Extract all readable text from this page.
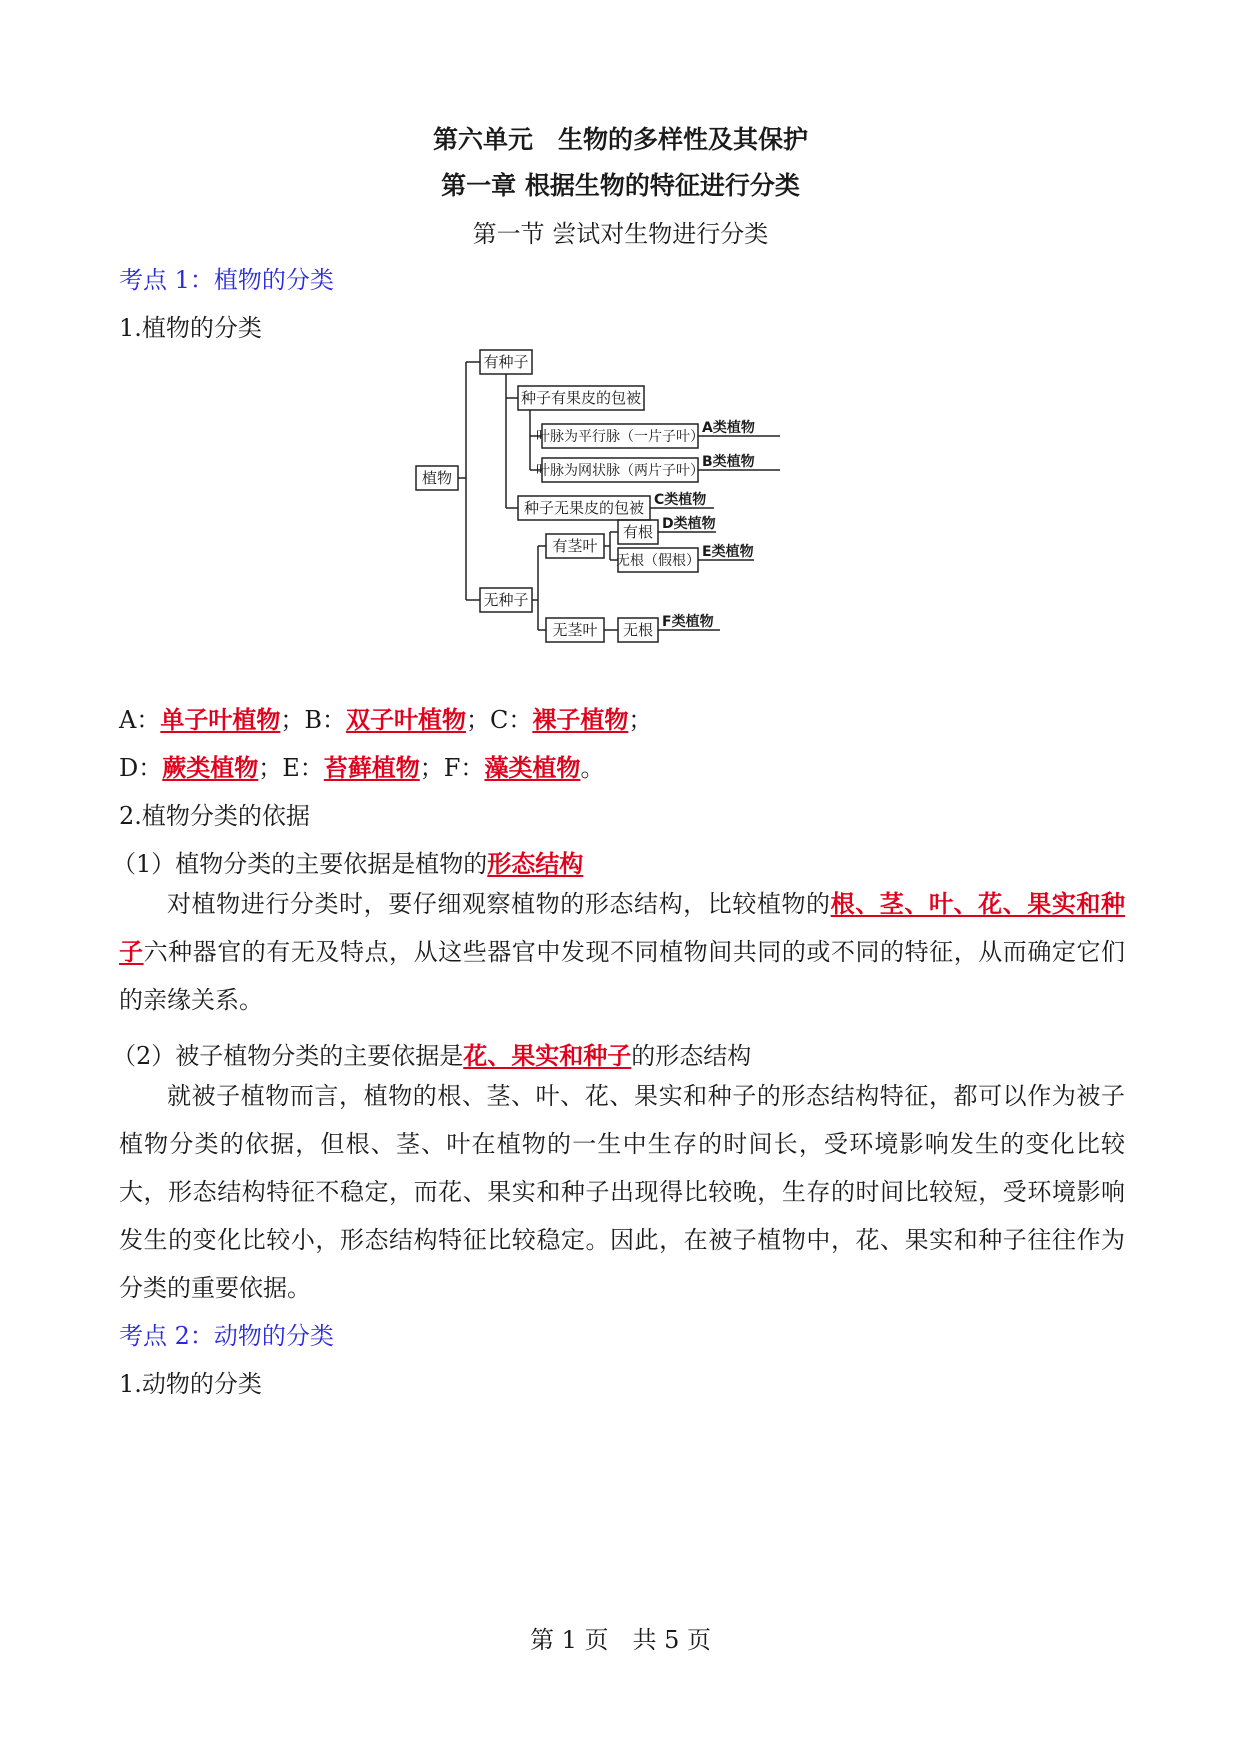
第六单元　生物的多样性及其保护
第一章 根据生物的特征进行分类
第一节 尝试对生物进行分类
考点 1：植物的分类
1.植物的分类
植物
有种子
种子有果皮的包被
种子无果皮的包被
叶脉为平行脉（一片子叶）
叶脉为网状脉（两片子叶）
A类植物
B类植物
C类植物
无种子
有茎叶
无茎叶
有根
无根（假根）
无根
D类植物
E类植物
F类植物
A：单子叶植物；B：双子叶植物；C：裸子植物；
D：蕨类植物；E：苔藓植物；F：藻类植物。
2.植物分类的依据
（1）植物分类的主要依据是植物的形态结构
对植物进行分类时，要仔细观察植物的形态结构，比较植物的根、茎、叶、花、果实和种子六种器官的有无及特点，从这些器官中发现不同植物间共同的或不同的特征，从而确定它们的亲缘关系。
（2）被子植物分类的主要依据是花、果实和种子的形态结构
就被子植物而言，植物的根、茎、叶、花、果实和种子的形态结构特征，都可以作为被子植物分类的依据，但根、茎、叶在植物的一生中生存的时间长，受环境影响发生的变化比较大，形态结构特征不稳定，而花、果实和种子出现得比较晚，生存的时间比较短，受环境影响发生的变化比较小，形态结构特征比较稳定。因此，在被子植物中，花、果实和种子往往作为分类的重要依据。
考点 2：动物的分类
1.动物的分类
第 1 页　共 5 页
